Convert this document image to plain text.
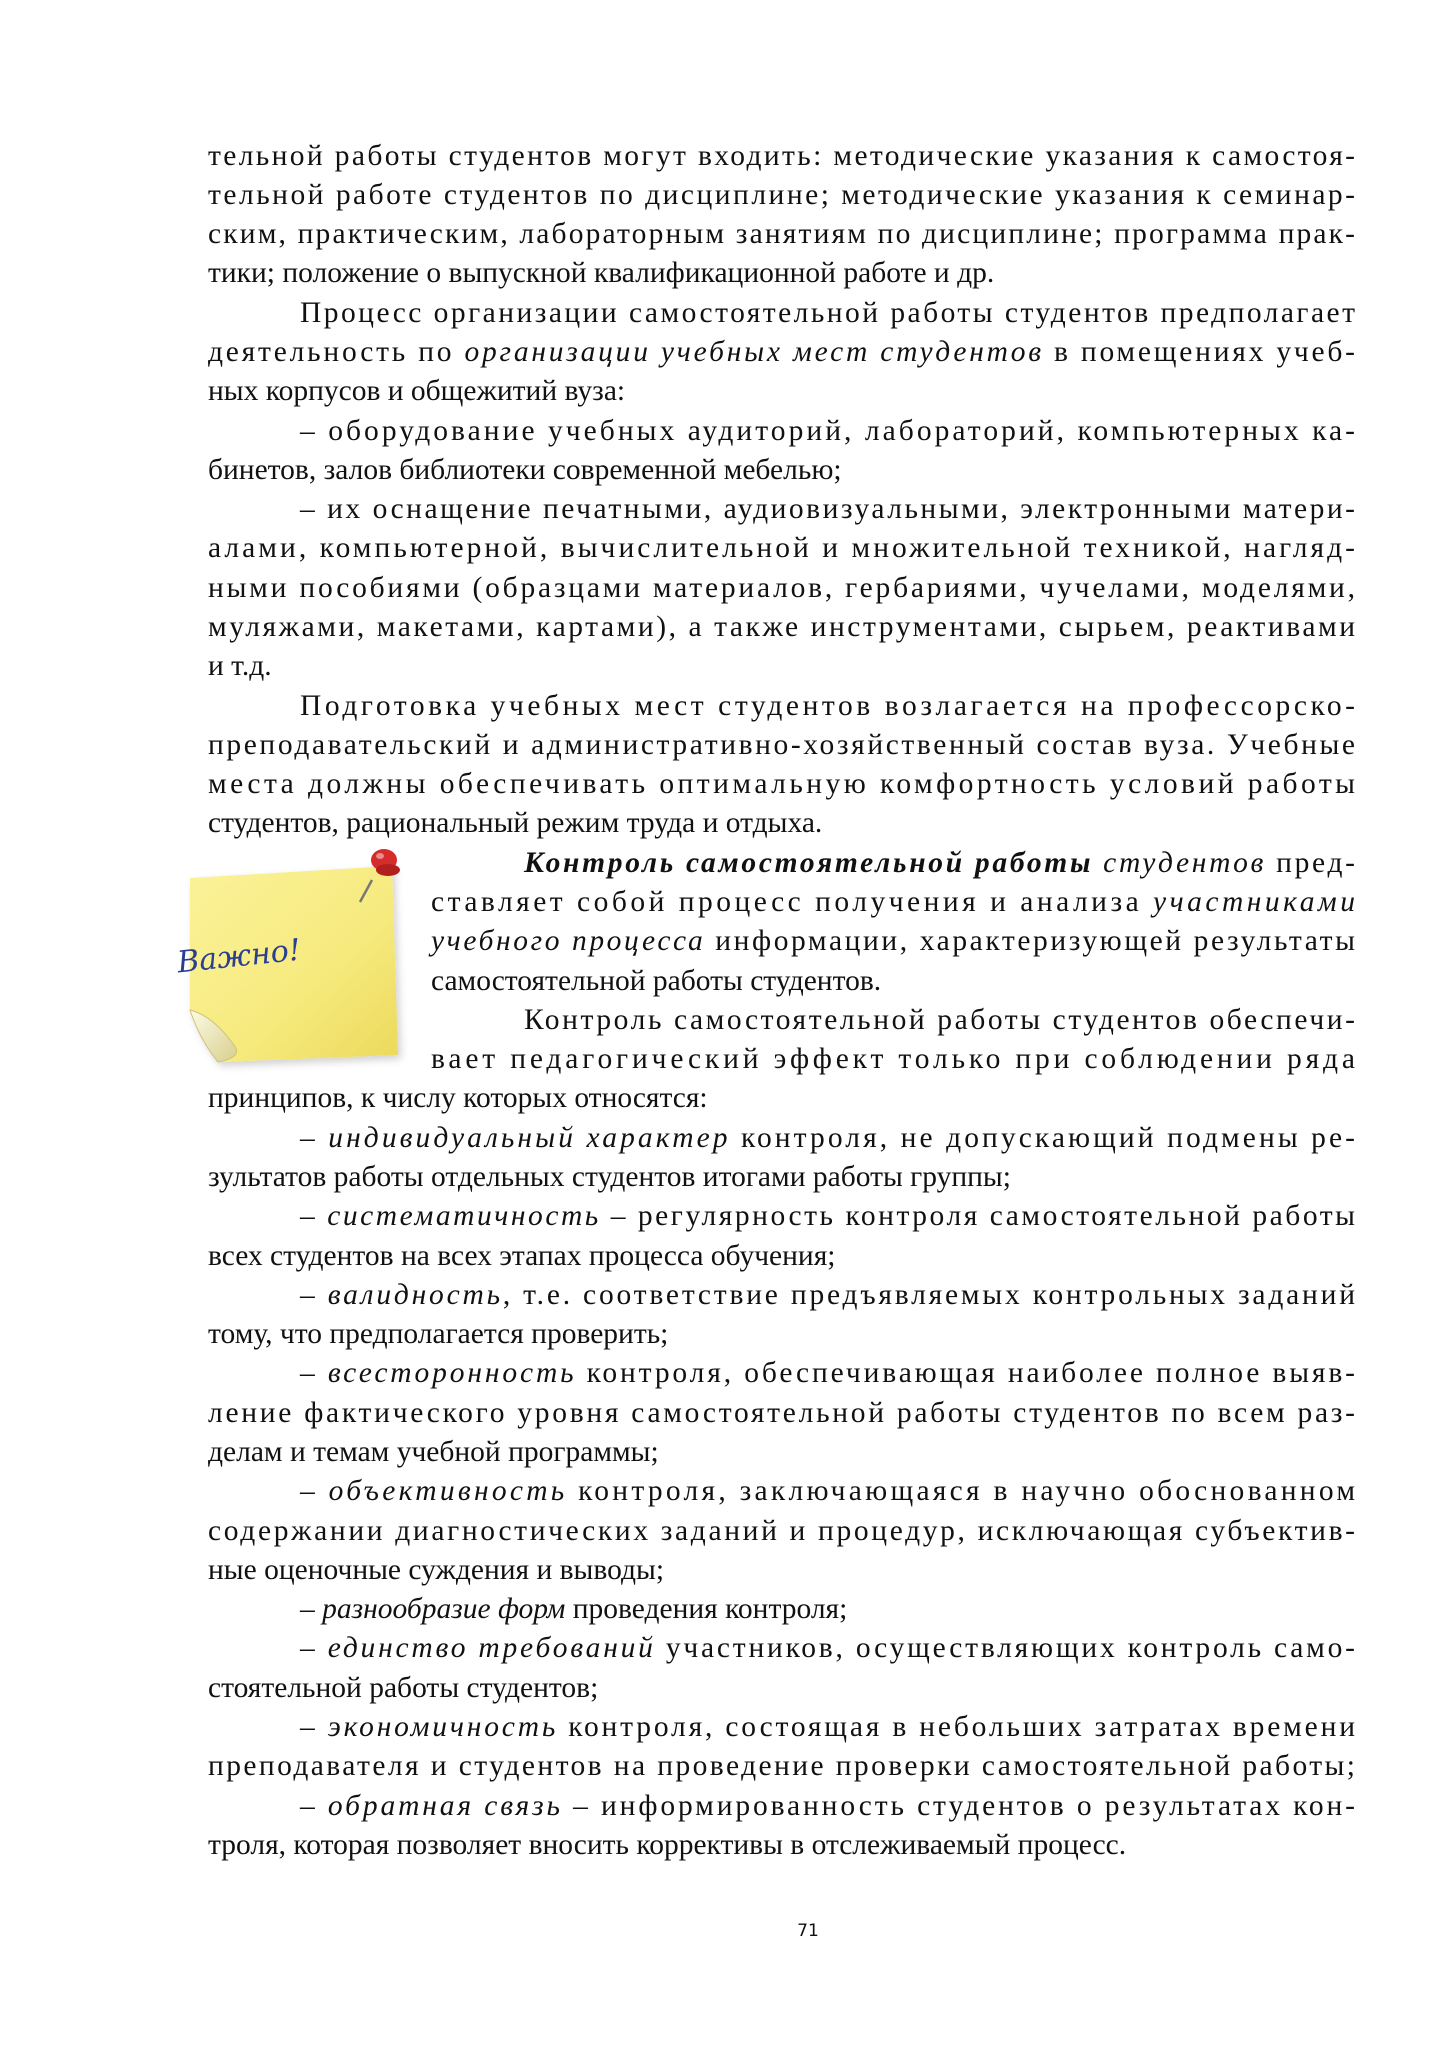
тельной работы студентов могут входить: методические указания к самостоя-
тельной работе студентов по дисциплине; методические указания к семинар-
ским, практическим, лабораторным занятиям по дисциплине; программа прак-
тики; положение о выпускной квалификационной работе и др.
Процесс организации самостоятельной работы студентов предполагает
деятельность по организации учебных мест студентов в помещениях учеб-
ных корпусов и общежитий вуза:
– оборудование учебных аудиторий, лабораторий, компьютерных ка-
бинетов, залов библиотеки современной мебелью;
– их оснащение печатными, аудиовизуальными, электронными матери-
алами, компьютерной, вычислительной и множительной техникой, нагляд-
ными пособиями (образцами материалов, гербариями, чучелами, моделями,
муляжами, макетами, картами), а также инструментами, сырьем, реактивами
и т.д.
Подготовка учебных мест студентов возлагается на профессорско-
преподавательский и административно-хозяйственный состав вуза. Учебные
места должны обеспечивать оптимальную комфортность условий работы
студентов, рациональный режим труда и отдыха.
Контроль самостоятельной работы студентов пред-
ставляет собой процесс получения и анализа участниками
учебного процесса информации, характеризующей результаты
самостоятельной работы студентов.
Контроль самостоятельной работы студентов обеспечи-
вает педагогический эффект только при соблюдении ряда
принципов, к числу которых относятся:
– индивидуальный характер контроля, не допускающий подмены ре-
зультатов работы отдельных студентов итогами работы группы;
– систематичность – регулярность контроля самостоятельной работы
всех студентов на всех этапах процесса обучения;
– валидность, т.е. соответствие предъявляемых контрольных заданий
тому, что предполагается проверить;
– всесторонность контроля, обеспечивающая наиболее полное выяв-
ление фактического уровня самостоятельной работы студентов по всем раз-
делам и темам учебной программы;
– объективность контроля, заключающаяся в научно обоснованном
содержании диагностических заданий и процедур, исключающая субъектив-
ные оценочные суждения и выводы;
– разнообразие форм проведения контроля;
– единство требований участников, осуществляющих контроль само-
стоятельной работы студентов;
– экономичность контроля, состоящая в небольших затратах времени
преподавателя и студентов на проведение проверки самостоятельной работы;
– обратная связь – информированность студентов о результатах кон-
троля, которая позволяет вносить коррективы в отслеживаемый процесс.
Важно!
71
